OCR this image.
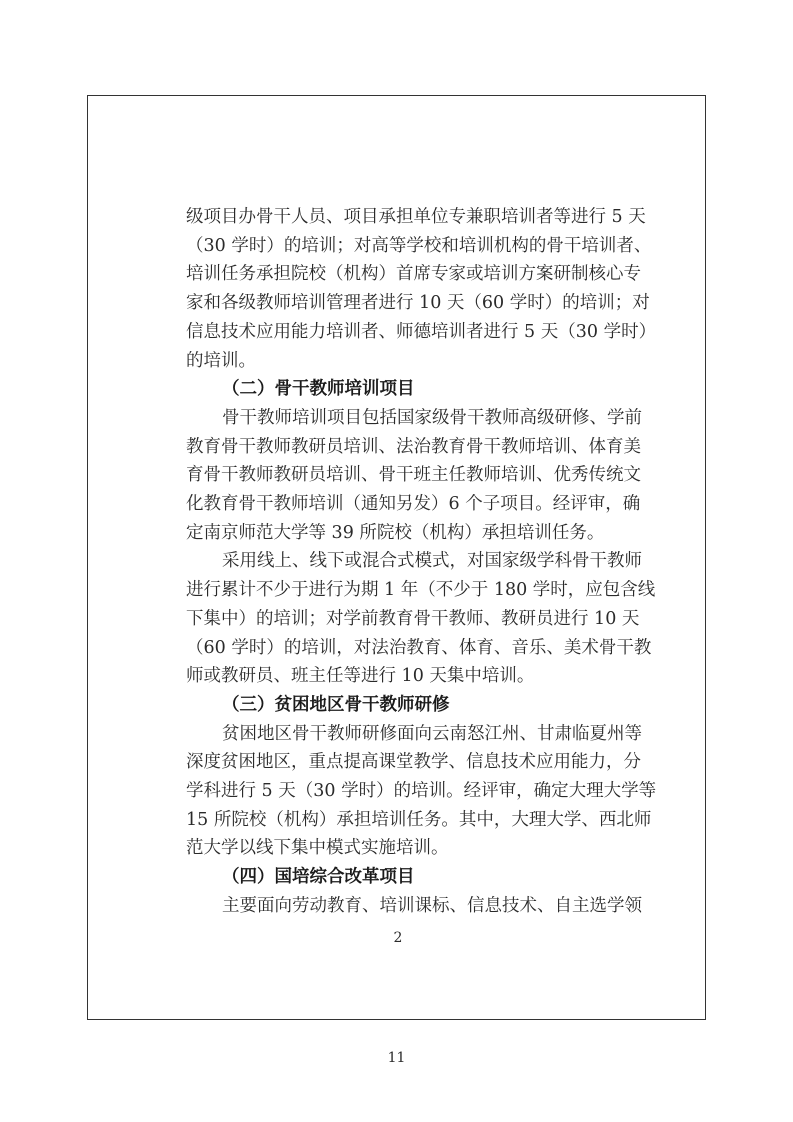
级项目办骨干人员、项目承担单位专兼职培训者等进行 5 天
（30 学时）的培训；对高等学校和培训机构的骨干培训者、
培训任务承担院校（机构）首席专家或培训方案研制核心专
家和各级教师培训管理者进行 10 天（60 学时）的培训；对
信息技术应用能力培训者、师德培训者进行 5 天（30 学时）
的培训。
（二）骨干教师培训项目
骨干教师培训项目包括国家级骨干教师高级研修、学前
教育骨干教师教研员培训、法治教育骨干教师培训、体育美
育骨干教师教研员培训、骨干班主任教师培训、优秀传统文
化教育骨干教师培训（通知另发）6 个子项目。经评审，确
定南京师范大学等 39 所院校（机构）承担培训任务。
采用线上、线下或混合式模式，对国家级学科骨干教师
进行累计不少于进行为期 1 年（不少于 180 学时，应包含线
下集中）的培训；对学前教育骨干教师、教研员进行 10 天
（60 学时）的培训，对法治教育、体育、音乐、美术骨干教
师或教研员、班主任等进行 10 天集中培训。
（三）贫困地区骨干教师研修
贫困地区骨干教师研修面向云南怒江州、甘肃临夏州等
深度贫困地区，重点提高课堂教学、信息技术应用能力，分
学科进行 5 天（30 学时）的培训。经评审，确定大理大学等
15 所院校（机构）承担培训任务。其中，大理大学、西北师
范大学以线下集中模式实施培训。
（四）国培综合改革项目
主要面向劳动教育、培训课标、信息技术、自主选学领
2
11
